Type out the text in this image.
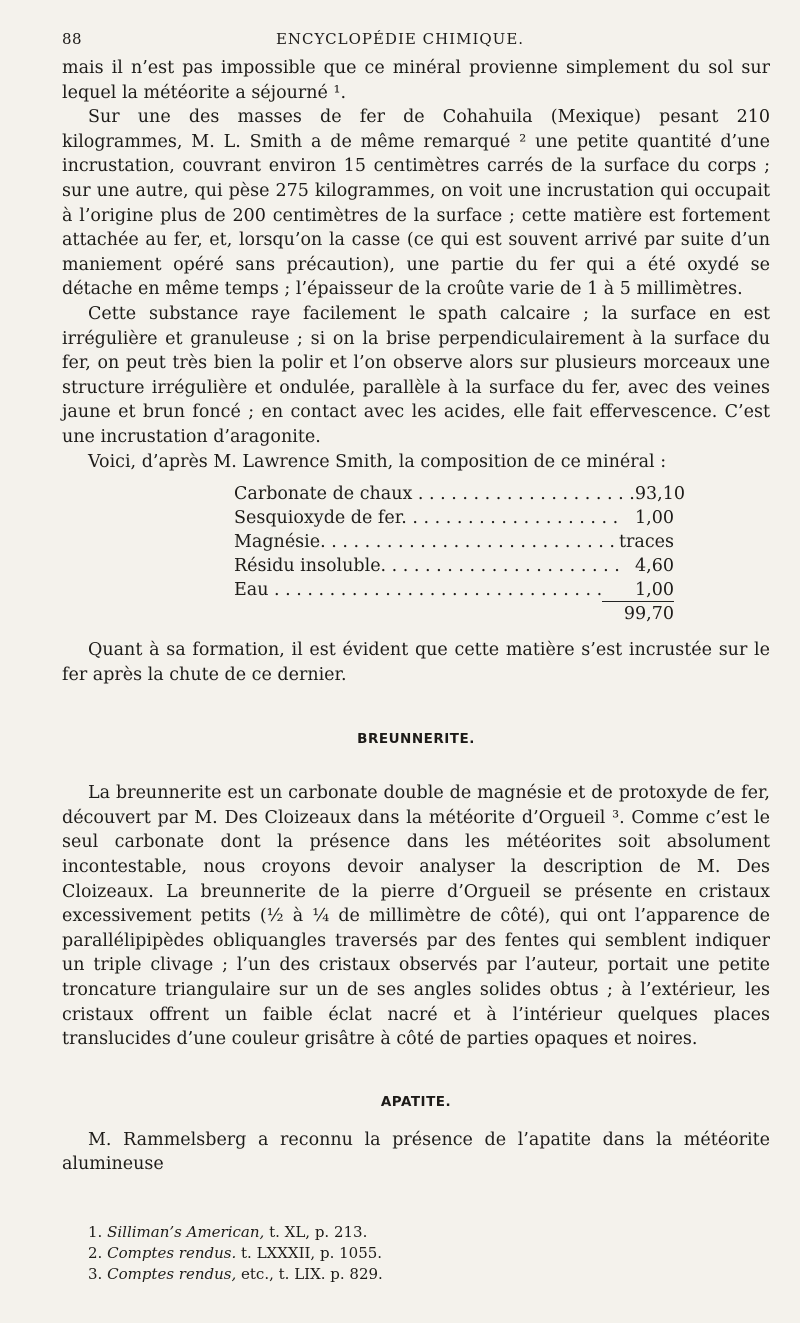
88	ENCYCLOPÉDIE CHIMIQUE.

mais il n’est pas impossible que ce minéral provienne simplement du sol sur lequel la météorite a séjourné ¹.

Sur une des masses de fer de Cohahuila (Mexique) pesant 210 kilogrammes, M. L. Smith a de même remarqué ² une petite quantité d’une incrustation, couvrant environ 15 centimètres carrés de la surface du corps ; sur une autre, qui pèse 275 kilogrammes, on voit une incrustation qui occupait à l’origine plus de 200 centimètres de la surface ; cette matière est fortement attachée au fer, et, lorsqu’on la casse (ce qui est souvent arrivé par suite d’un maniement opéré sans précaution), une partie du fer qui a été oxydé se détache en même temps ; l’épaisseur de la croûte varie de 1 à 5 millimètres.

Cette substance raye facilement le spath calcaire ; la surface en est irrégulière et granuleuse ; si on la brise perpendiculairement à la surface du fer, on peut très bien la polir et l’on observe alors sur plusieurs morceaux une structure irrégulière et ondulée, parallèle à la surface du fer, avec des veines jaune et brun foncé ; en contact avec les acides, elle fait effervescence. C’est une incrustation d’aragonite.

Voici, d’après M. Lawrence Smith, la composition de ce minéral :

Carbonate de chaux . . . . . . . . . . . . . . . . . . . . 93,10
Sesquioxyde de fer. . . . . . . . . . . . . . . . . . . . 1,00
Magnésie. . . . . . . . . . . . . . . . . . . . . . . . . . . traces
Résidu insoluble. . . . . . . . . . . . . . . . . . . . . . 4,60
Eau . . . . . . . . . . . . . . . . . . . . . . . . . . . . . .	1,00
99,70

Quant à sa formation, il est évident que cette matière s’est incrustée sur le fer après la chute de ce dernier.

BREUNNERITE.

La breunnerite est un carbonate double de magnésie et de protoxyde de fer, découvert par M. Des Cloizeaux dans la météorite d’Orgueil ³. Comme c’est le seul carbonate dont la présence dans les météorites soit absolument incontestable, nous croyons devoir analyser la description de M. Des Cloizeaux. La breunnerite de la pierre d’Orgueil se présente en cristaux excessivement petits (½ à ¼ de millimètre de côté), qui ont l’apparence de parallélipipèdes obliquangles traversés par des fentes qui semblent indiquer un triple clivage ; l’un des cristaux observés par l’auteur, portait une petite troncature triangulaire sur un de ses angles solides obtus ; à l’extérieur, les cristaux offrent un faible éclat nacré et à l’intérieur quelques places translucides d’une couleur grisâtre à côté de parties opaques et noires.

APATITE.

M. Rammelsberg a reconnu la présence de l’apatite dans la météorite alumineuse

1. Silliman’s American, t. XL, p. 213.
2. Comptes rendus. t. LXXXII, p. 1055.
3. Comptes rendus, etc., t. LIX. p. 829.
